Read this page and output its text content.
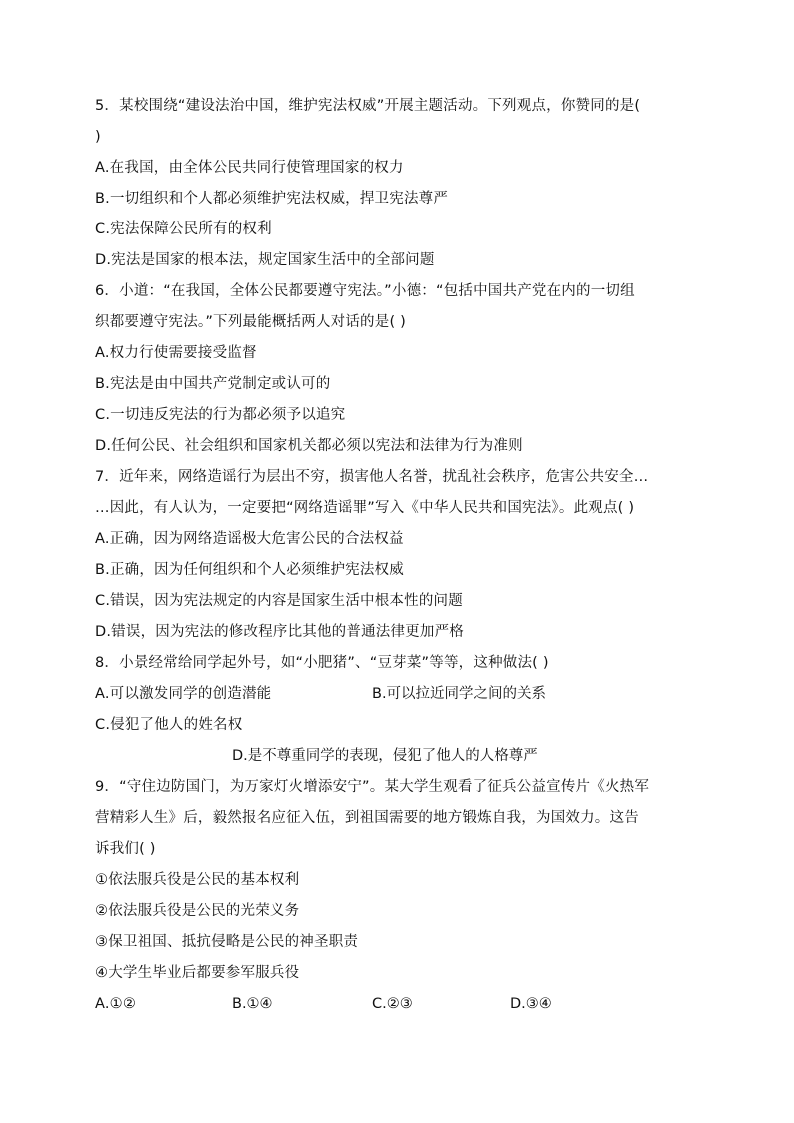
5．某校围绕“建设法治中国，维护宪法权威”开展主题活动。下列观点，你赞同的是(
)
A.在我国，由全体公民共同行使管理国家的权力
B.一切组织和个人都必须维护宪法权威，捍卫宪法尊严
C.宪法保障公民所有的权利
D.宪法是国家的根本法，规定国家生活中的全部问题
6．小道：“在我国，全体公民都要遵守宪法。”小德：“包括中国共产党在内的一切组
织都要遵守宪法。”下列最能概括两人对话的是( )
A.权力行使需要接受监督
B.宪法是由中国共产党制定或认可的
C.一切违反宪法的行为都必须予以追究
D.任何公民、社会组织和国家机关都必须以宪法和法律为行为准则
7．近年来，网络造谣行为层出不穷，损害他人名誉，扰乱社会秩序，危害公共安全…
…因此，有人认为，一定要把“网络造谣罪”写入《中华人民共和国宪法》。此观点( )
A.正确，因为网络造谣极大危害公民的合法权益
B.正确，因为任何组织和个人必须维护宪法权威
C.错误，因为宪法规定的内容是国家生活中根本性的问题
D.错误，因为宪法的修改程序比其他的普通法律更加严格
8．小景经常给同学起外号，如“小肥猪”、“豆芽菜”等等，这种做法( )
A.可以激发同学的创造潜能	B.可以拉近同学之间的关系
C.侵犯了他人的姓名权
D.是不尊重同学的表现，侵犯了他人的人格尊严
9．“守住边防国门，为万家灯火增添安宁”。某大学生观看了征兵公益宣传片《火热军
营精彩人生》后，毅然报名应征入伍，到祖国需要的地方锻炼自我，为国效力。这告
诉我们( )
①依法服兵役是公民的基本权利
②依法服兵役是公民的光荣义务
③保卫祖国、抵抗侵略是公民的神圣职责
④大学生毕业后都要参军服兵役
A.①②	B.①④	C.②③	D.③④
